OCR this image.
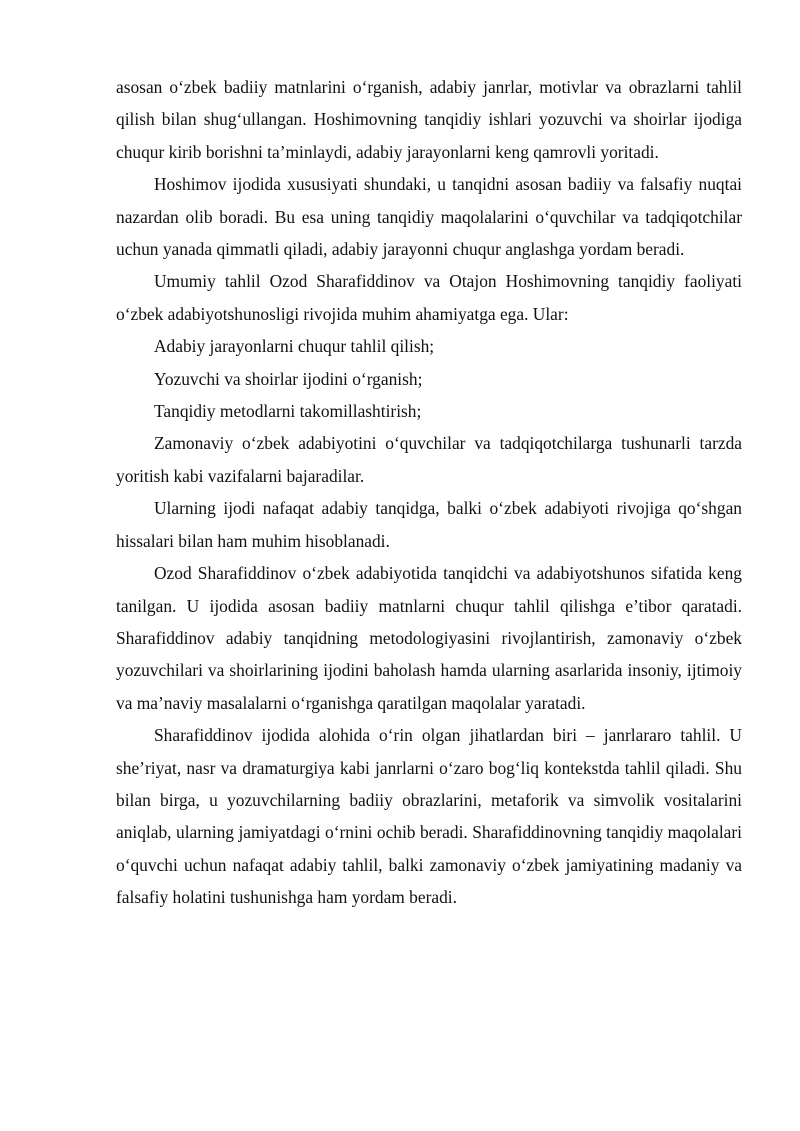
asosan o‘zbek badiiy matnlarini o‘rganish, adabiy janrlar, motivlar va obrazlarni tahlil qilish bilan shug‘ullangan. Hoshimovning tanqidiy ishlari yozuvchi va shoirlar ijodiga chuqur kirib borishni ta’minlaydi, adabiy jarayonlarni keng qamrovli yoritadi.

Hoshimov ijodida xususiyati shundaki, u tanqidni asosan badiiy va falsafiy nuqtai nazardan olib boradi. Bu esa uning tanqidiy maqolalarini o‘quvchilar va tadqiqotchilar uchun yanada qimmatli qiladi, adabiy jarayonni chuqur anglashga yordam beradi.

Umumiy tahlil Ozod Sharafiddinov va Otajon Hoshimovning tanqidiy faoliyati o‘zbek adabiyotshunosligi rivojida muhim ahamiyatga ega. Ular:

Adabiy jarayonlarni chuqur tahlil qilish;

Yozuvchi va shoirlar ijodini o‘rganish;

Tanqidiy metodlarni takomillashtirish;

Zamonaviy o‘zbek adabiyotini o‘quvchilar va tadqiqotchilarga tushunarli tarzda yoritish kabi vazifalarni bajaradilar.

Ularning ijodi nafaqat adabiy tanqidga, balki o‘zbek adabiyoti rivojiga qo‘shgan hissalari bilan ham muhim hisoblanadi.

Ozod Sharafiddinov o‘zbek adabiyotida tanqidchi va adabiyotshunos sifatida keng tanilgan. U ijodida asosan badiiy matnlarni chuqur tahlil qilishga e’tibor qaratadi. Sharafiddinov adabiy tanqidning metodologiyasini rivojlantirish, zamonaviy o‘zbek yozuvchilari va shoirlarining ijodini baholash hamda ularning asarlarida insoniy, ijtimoiy va ma’naviy masalalarni o‘rganishga qaratilgan maqolalar yaratadi.

Sharafiddinov ijodida alohida o‘rin olgan jihatlardan biri – janrlararo tahlil. U she’riyat, nasr va dramaturgiya kabi janrlarni o‘zaro bog‘liq kontekstda tahlil qiladi. Shu bilan birga, u yozuvchilarning badiiy obrazlarini, metaforik va simvolik vositalarini aniqlab, ularning jamiyatdagi o‘rnini ochib beradi. Sharafiddinovning tanqidiy maqolalari o‘quvchi uchun nafaqat adabiy tahlil, balki zamonaviy o‘zbek jamiyatining madaniy va falsafiy holatini tushunishga ham yordam beradi.
